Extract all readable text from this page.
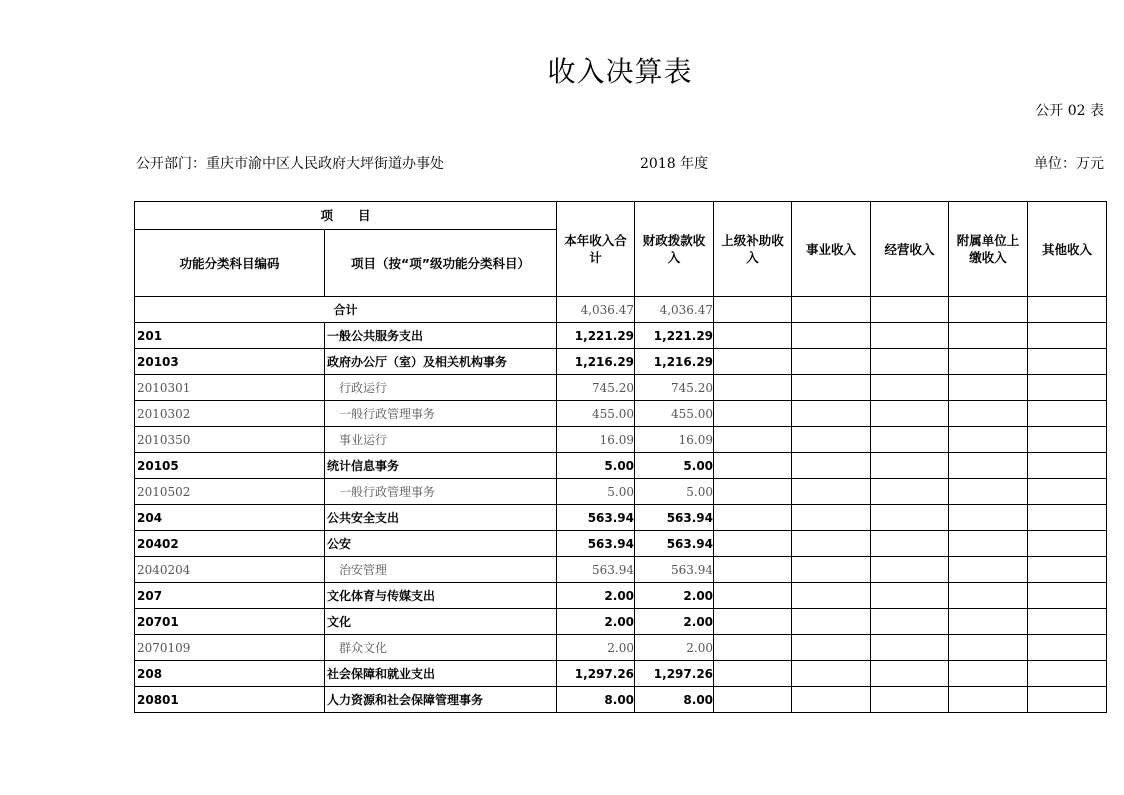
收入决算表
公开 02 表
公开部门：重庆市渝中区人民政府大坪街道办事处	2018 年度	单位：万元
项　　目		本年收入合计	财政拨款收入	上级补助收入	事业收入	经营收入	附属单位上缴收入	其他收入
功能分类科目编码	项目（按“项”级功能分类科目）							
合计		4,036.47	4,036.47					
201	一般公共服务支出	1,221.29	1,221.29					
20103	政府办公厅（室）及相关机构事务	1,216.29	1,216.29					
2010301	行政运行	745.20	745.20					
2010302	一般行政管理事务	455.00	455.00					
2010350	事业运行	16.09	16.09					
20105	统计信息事务	5.00	5.00					
2010502	一般行政管理事务	5.00	5.00					
204	公共安全支出	563.94	563.94					
20402	公安	563.94	563.94					
2040204	治安管理	563.94	563.94					
207	文化体育与传媒支出	2.00	2.00					
20701	文化	2.00	2.00					
2070109	群众文化	2.00	2.00					
208	社会保障和就业支出	1,297.26	1,297.26					
20801	人力资源和社会保障管理事务	8.00	8.00					
